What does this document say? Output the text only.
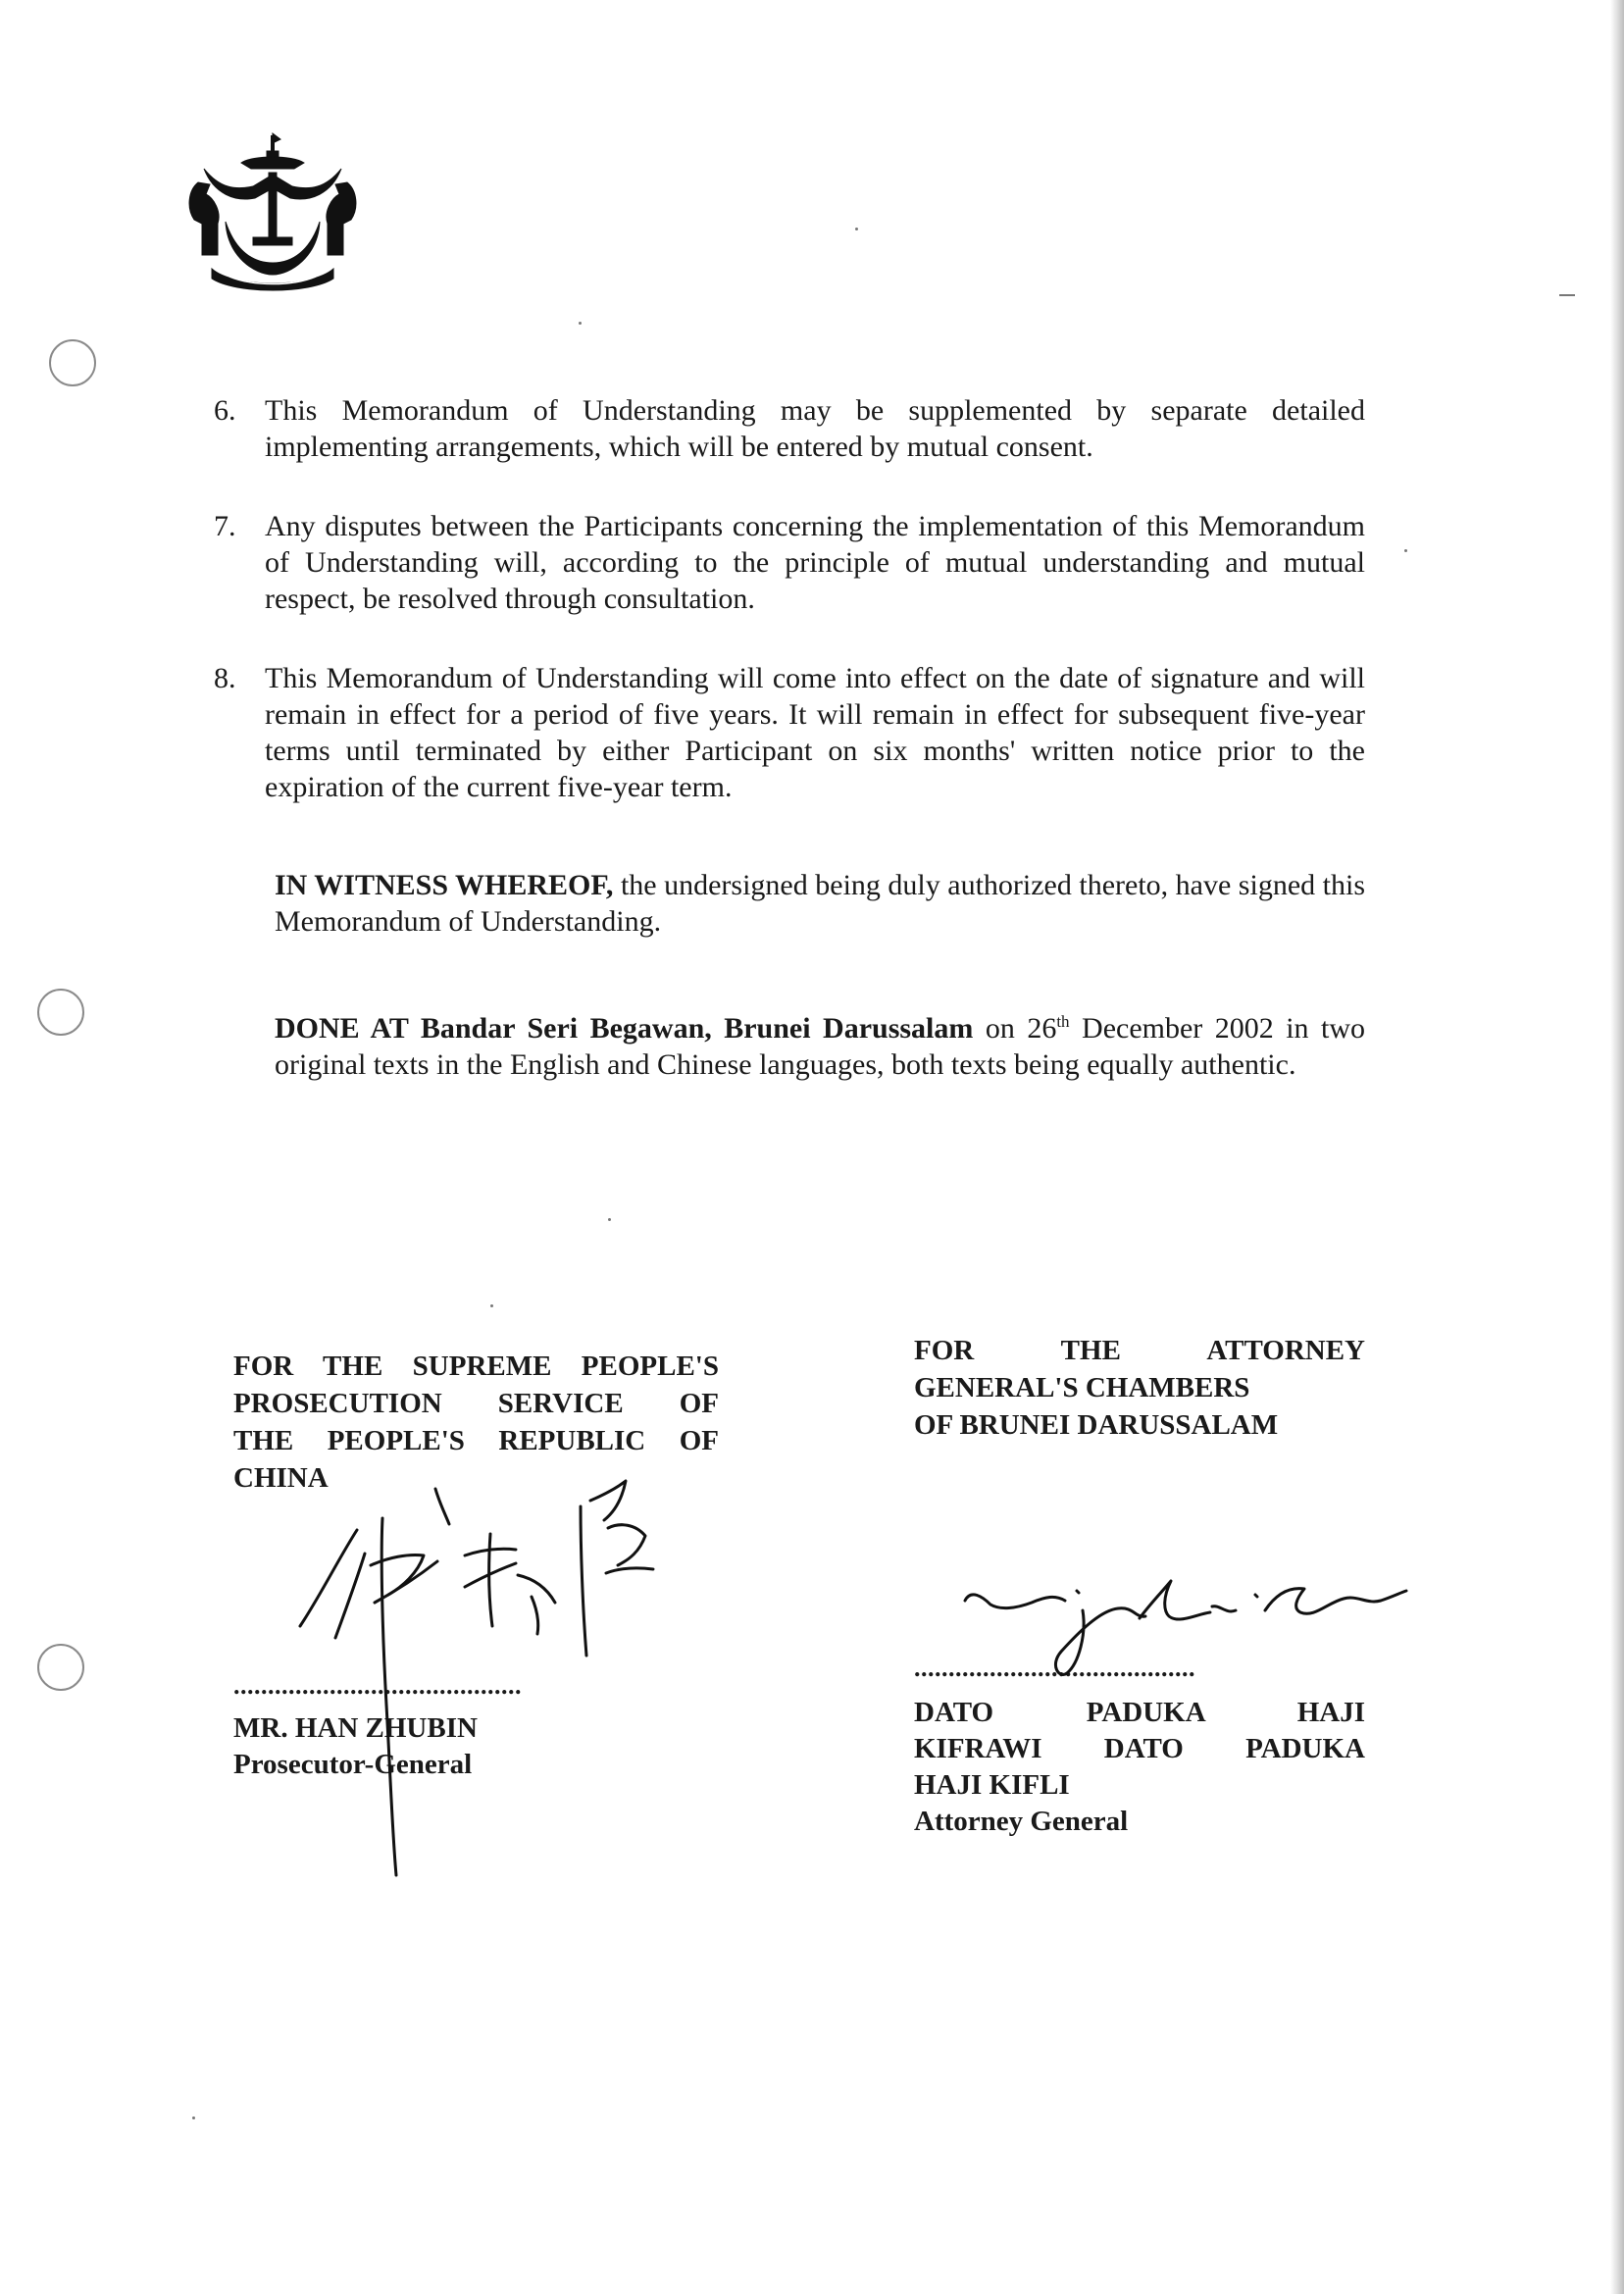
6. This Memorandum of Understanding may be supplemented by separate detailed implementing arrangements, which will be entered by mutual consent.
7. Any disputes between the Participants concerning the implementation of this Memorandum of Understanding will, according to the principle of mutual understanding and mutual respect, be resolved through consultation.
8. This Memorandum of Understanding will come into effect on the date of signature and will remain in effect for a period of five years. It will remain in effect for subsequent five-year terms until terminated by either Participant on six months' written notice prior to the expiration of the current five-year term.
IN WITNESS WHEREOF, the undersigned being duly authorized thereto, have signed this Memorandum of Understanding.
DONE AT Bandar Seri Begawan, Brunei Darussalam on 26th December 2002 in two original texts in the English and Chinese languages, both texts being equally authentic.
FOR THE SUPREME PEOPLE'S
PROSECUTION SERVICE OF
THE PEOPLE'S REPUBLIC OF
CHINA
..........................................
MR. HAN ZHUBIN
Prosecutor-General
FOR THE ATTORNEY
GENERAL'S CHAMBERS
OF BRUNEI DARUSSALAM
.........................................
DATO PADUKA HAJI
KIFRAWI DATO PADUKA
HAJI KIFLI
Attorney General
